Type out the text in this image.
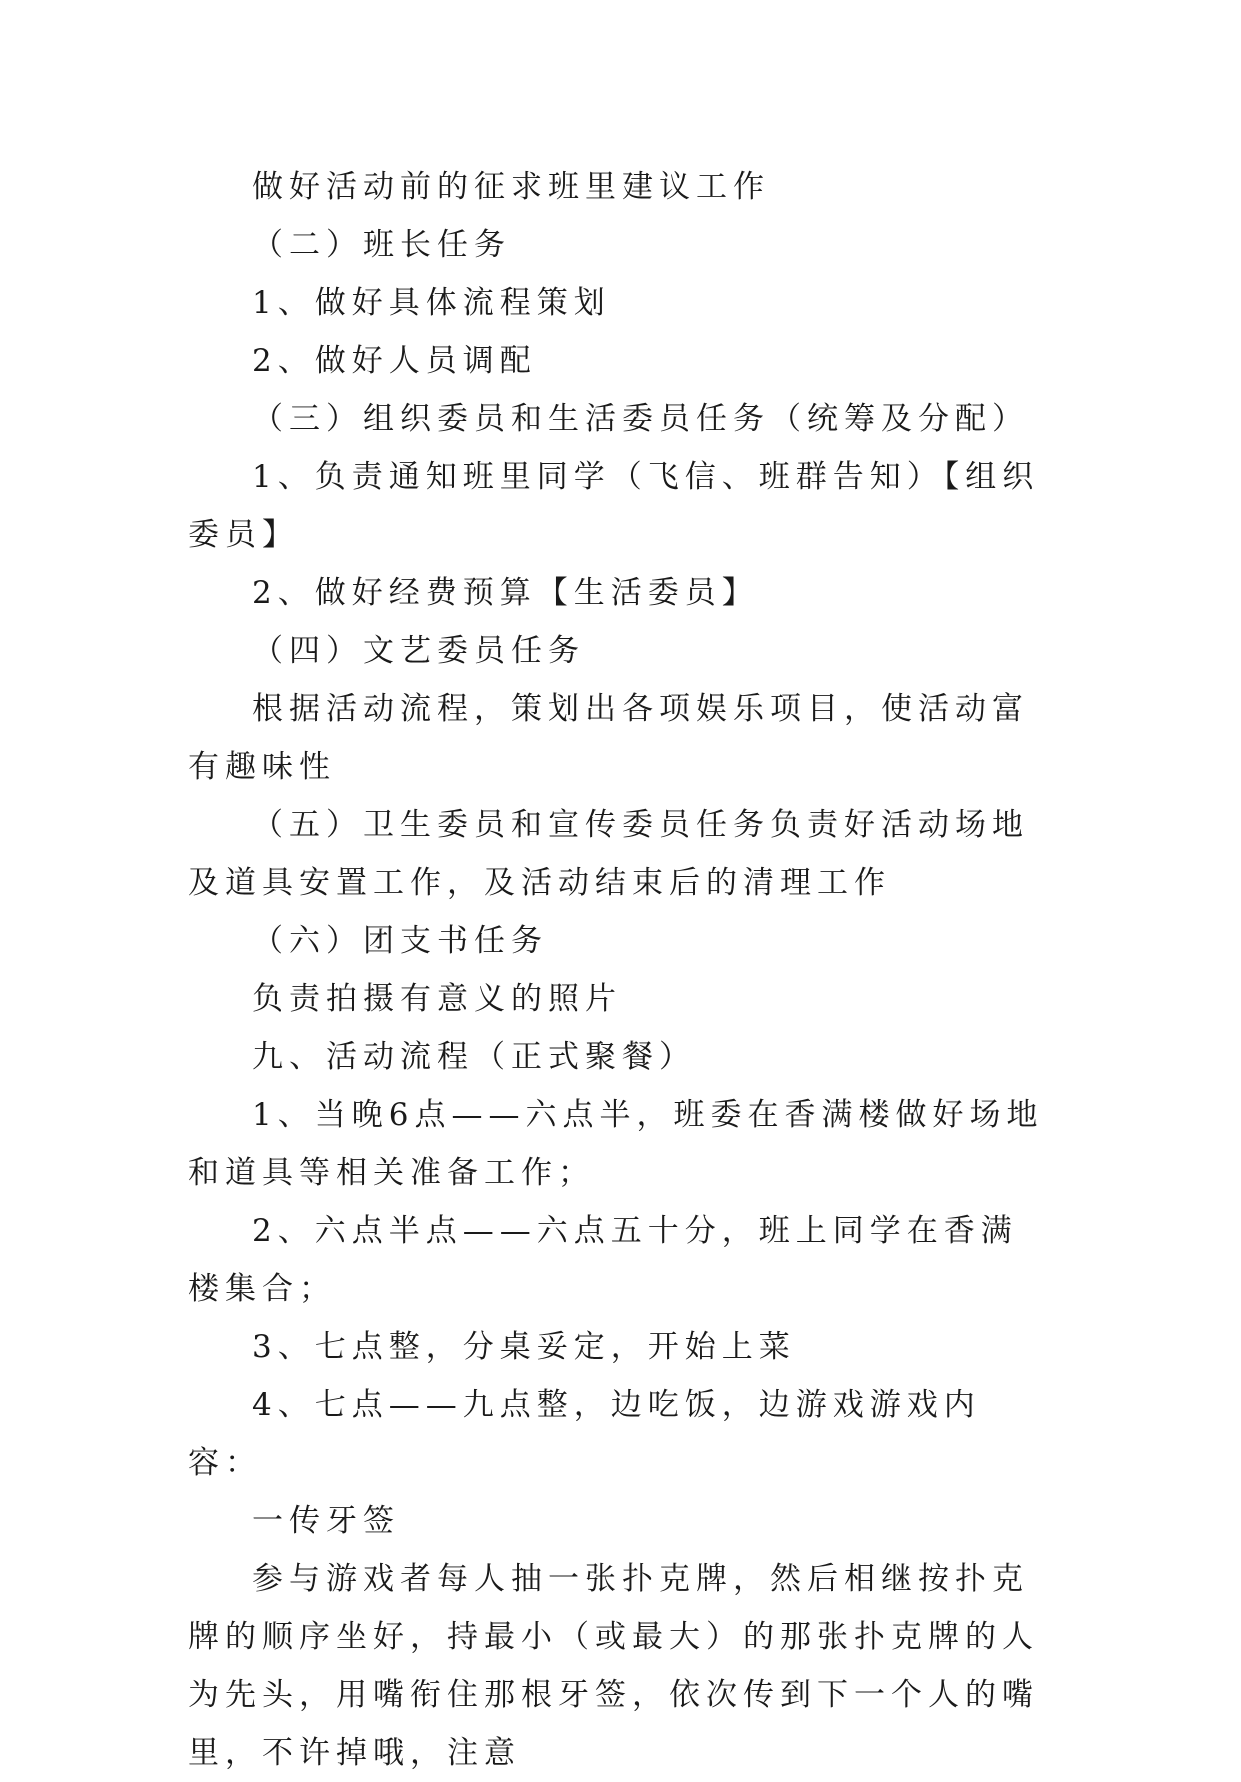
做好活动前的征求班里建议工作

（二）班长任务

1、做好具体流程策划

2、做好人员调配

（三）组织委员和生活委员任务（统筹及分配）

1、负责通知班里同学（飞信、班群告知）【组织委员】

2、做好经费预算【生活委员】

（四）文艺委员任务

根据活动流程，策划出各项娱乐项目，使活动富有趣味性

（五）卫生委员和宣传委员任务负责好活动场地及道具安置工作，及活动结束后的清理工作

（六）团支书任务

负责拍摄有意义的照片

九、活动流程（正式聚餐）

1、当晚6点——六点半，班委在香满楼做好场地和道具等相关准备工作；

2、六点半点——六点五十分，班上同学在香满楼集合；

3、七点整，分桌妥定，开始上菜

4、七点——九点整，边吃饭，边游戏游戏内容：

一传牙签

参与游戏者每人抽一张扑克牌，然后相继按扑克牌的顺序坐好，持最小（或最大）的那张扑克牌的人为先头，用嘴衔住那根牙签，依次传到下一个人的嘴里，不许掉哦，注意
